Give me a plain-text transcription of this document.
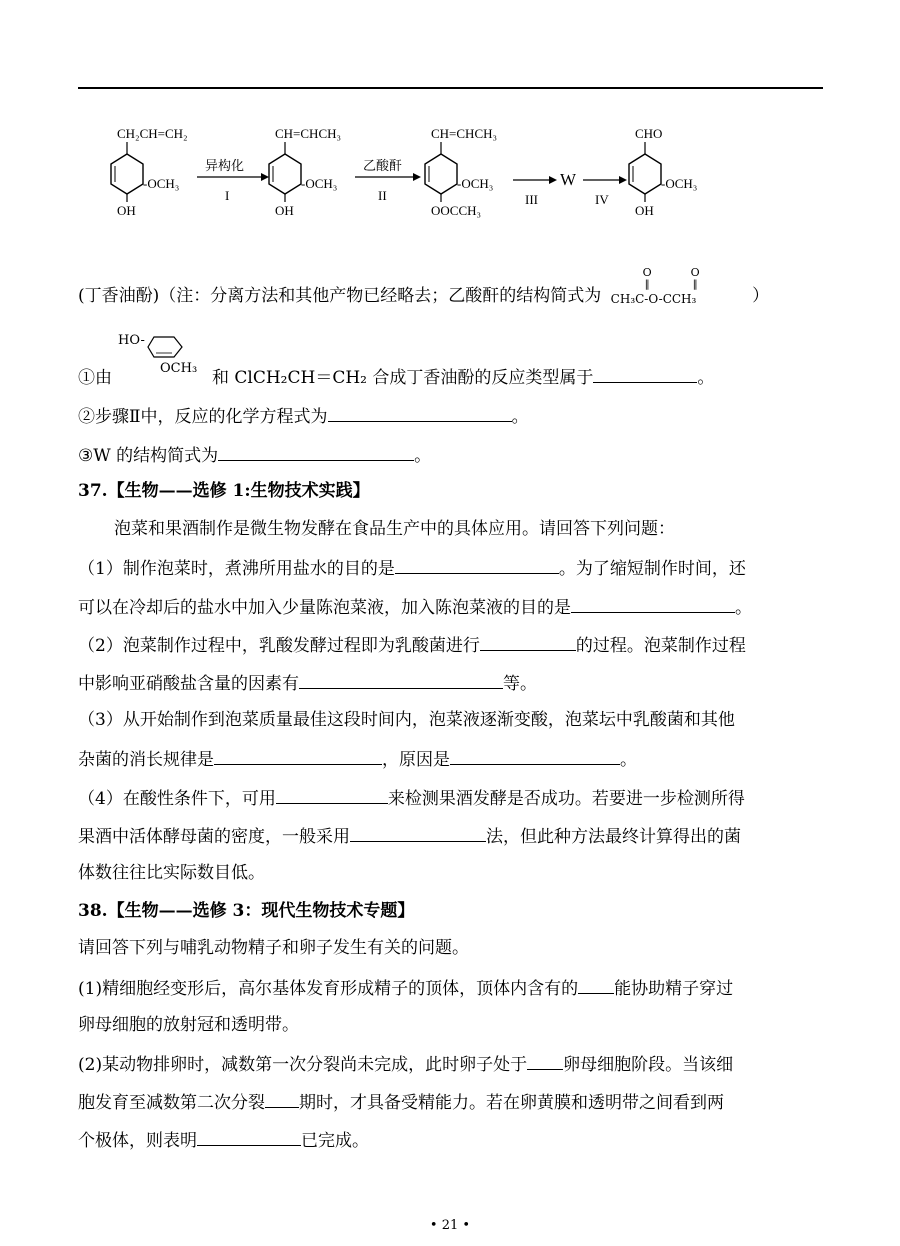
CH₂CH=CH₂
-OCH₃
OH
异构化
I
CH=CHCH₃
-OCH₃
OH
乙酸酐
II
CH=CHCH₃
-OCH₃
OOCCH₃
III
W
IV
CHO
-OCH₃
OH
(丁香油酚)（注：分离方法和其他产物已经略去；乙酸酐的结构简式为
O
‖
O
‖
CH₃C-O-CCH₃	）
HO-
OCH₃
①由	和 ClCH₂CH＝CH₂ 合成丁香油酚的反应类型属于	。
②步骤Ⅱ中，反应的化学方程式为	。
③W 的结构简式为	。
37.【生物——选修 1:生物技术实践】
泡菜和果酒制作是微生物发酵在食品生产中的具体应用。请回答下列问题：
（1）制作泡菜时，煮沸所用盐水的目的是	。为了缩短制作时间，还
可以在冷却后的盐水中加入少量陈泡菜液，加入陈泡菜液的目的是	。
（2）泡菜制作过程中，乳酸发酵过程即为乳酸菌进行	的过程。泡菜制作过程
中影响亚硝酸盐含量的因素有	等。
（3）从开始制作到泡菜质量最佳这段时间内，泡菜液逐渐变酸，泡菜坛中乳酸菌和其他
杂菌的消长规律是	，原因是	。
（4）在酸性条件下，可用	来检测果酒发酵是否成功。若要进一步检测所得
果酒中活体酵母菌的密度，一般采用	法，但此种方法最终计算得出的菌
体数往往比实际数目低。
38.【生物——选修 3：现代生物技术专题】
请回答下列与哺乳动物精子和卵子发生有关的问题。
(1)精细胞经变形后，高尔基体发育形成精子的顶体，顶体内含有的 能协助精子穿过
卵母细胞的放射冠和透明带。
(2)某动物排卵时，减数第一次分裂尚未完成，此时卵子处于 卵母细胞阶段。当该细
胞发育至减数第二次分裂 期时，才具备受精能力。若在卵黄膜和透明带之间看到两
个极体，则表明	已完成。
• 21 •
